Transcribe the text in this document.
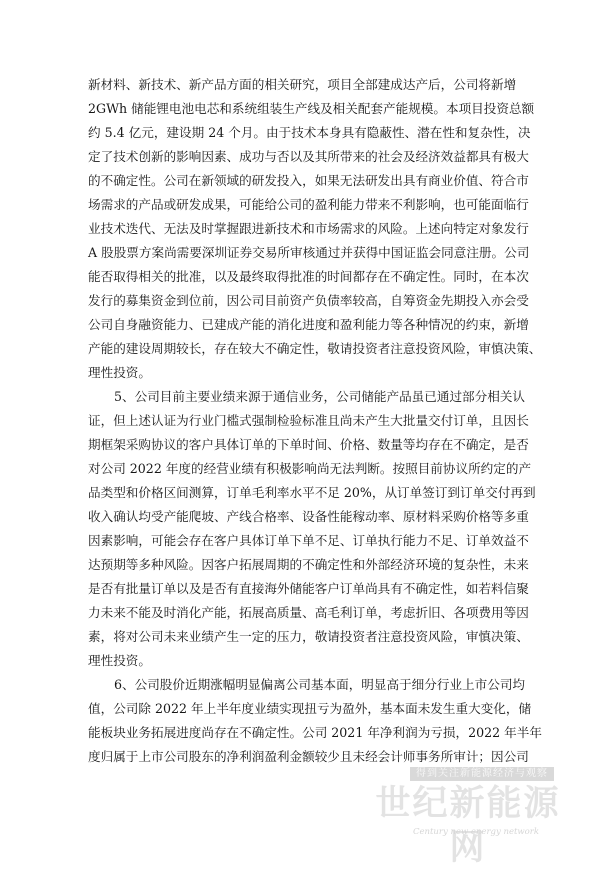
新材料、新技术、新产品方面的相关研究，项目全部建成达产后，公司将新增
2GWh 储能锂电池电芯和系统组装生产线及相关配套产能规模。本项目投资总额
约 5.4 亿元，建设期 24 个月。由于技术本身具有隐蔽性、潜在性和复杂性，决
定了技术创新的影响因素、成功与否以及其所带来的社会及经济效益都具有极大
的不确定性。公司在新领域的研发投入，如果无法研发出具有商业价值、符合市
场需求的产品或研发成果，可能给公司的盈利能力带来不利影响，也可能面临行
业技术迭代、无法及时掌握跟进新技术和市场需求的风险。上述向特定对象发行
A 股股票方案尚需要深圳证券交易所审核通过并获得中国证监会同意注册。公司
能否取得相关的批准，以及最终取得批准的时间都存在不确定性。同时，在本次
发行的募集资金到位前，因公司目前资产负债率较高，自筹资金先期投入亦会受
公司自身融资能力、已建成产能的消化进度和盈利能力等各种情况的约束，新增
产能的建设周期较长，存在较大不确定性，敬请投资者注意投资风险，审慎决策、
理性投资。
5、公司目前主要业绩来源于通信业务，公司储能产品虽已通过部分相关认
证，但上述认证为行业门槛式强制检验标准且尚未产生大批量交付订单，且因长
期框架采购协议的客户具体订单的下单时间、价格、数量等均存在不确定，是否
对公司 2022 年度的经营业绩有积极影响尚无法判断。按照目前协议所约定的产
品类型和价格区间测算，订单毛利率水平不足 20%，从订单签订到订单交付再到
收入确认均受产能爬坡、产线合格率、设备性能稼动率、原材料采购价格等多重
因素影响，可能会存在客户具体订单下单不足、订单执行能力不足、订单效益不
达预期等多种风险。因客户拓展周期的不确定性和外部经济环境的复杂性，未来
是否有批量订单以及是否有直接海外储能客户订单尚具有不确定性，如若料信聚
力未来不能及时消化产能，拓展高质量、高毛利订单，考虑折旧、各项费用等因
素，将对公司未来业绩产生一定的压力，敬请投资者注意投资风险，审慎决策、
理性投资。
6、公司股价近期涨幅明显偏离公司基本面，明显高于细分行业上市公司均
值，公司除 2022 年上半年度业绩实现扭亏为盈外，基本面未发生重大变化，储
能板块业务拓展进度尚存在不确定性。公司 2021 年净利润为亏损，2022 年半年
度归属于上市公司股东的净利润盈利金额较少且未经会计师事务所审计；因公司
得到关注新能源经济与观察
世纪新能源网
Century new energy network
